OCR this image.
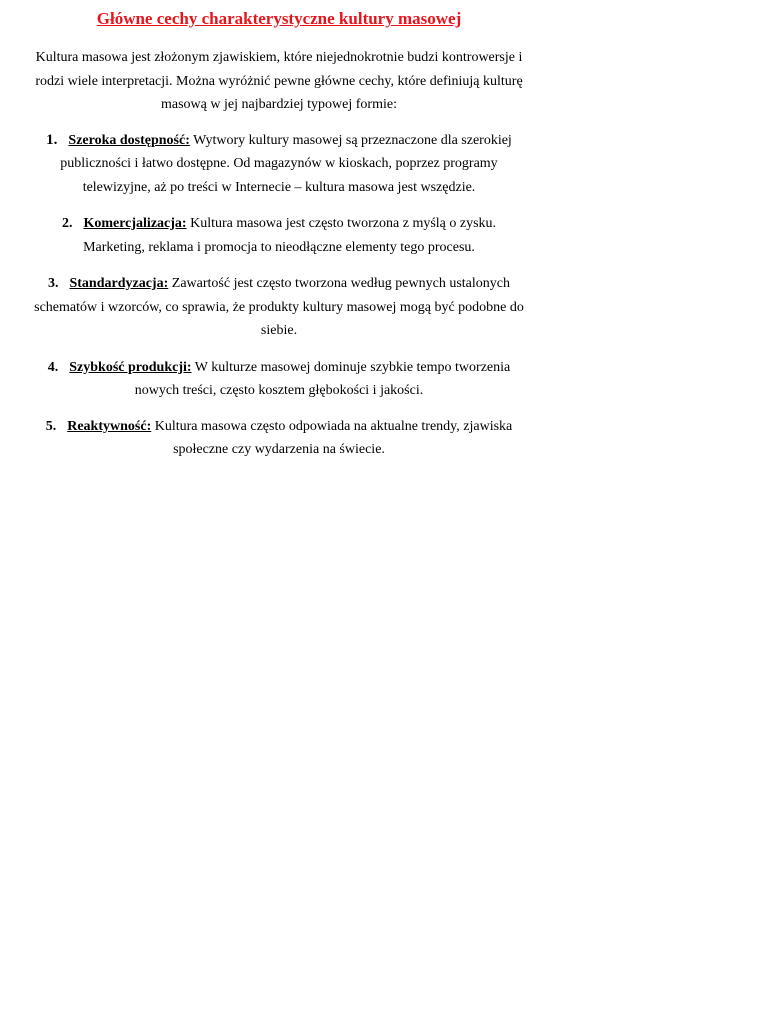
Główne cechy charakterystyczne kultury masowej

Kultura masowa jest złożonym zjawiskiem, które niejednokrotnie budzi kontrowersje i rodzi wiele interpretacji. Można wyróżnić pewne główne cechy, które definiują kulturę masową w jej najbardziej typowej formie:

1. Szeroka dostępność: Wytwory kultury masowej są przeznaczone dla szerokiej publiczności i łatwo dostępne. Od magazynów w kioskach, poprzez programy telewizyjne, aż po treści w Internecie – kultura masowa jest wszędzie.

2. Komercjalizacja: Kultura masowa jest często tworzona z myślą o zysku. Marketing, reklama i promocja to nieodłączne elementy tego procesu.

3. Standardyzacja: Zawartość jest często tworzona według pewnych ustalonych schematów i wzorców, co sprawia, że produkty kultury masowej mogą być podobne do siebie.

4. Szybkość produkcji: W kulturze masowej dominuje szybkie tempo tworzenia nowych treści, często kosztem głębokości i jakości.

5. Reaktywność: Kultura masowa często odpowiada na aktualne trendy, zjawiska społeczne czy wydarzenia na świecie.
